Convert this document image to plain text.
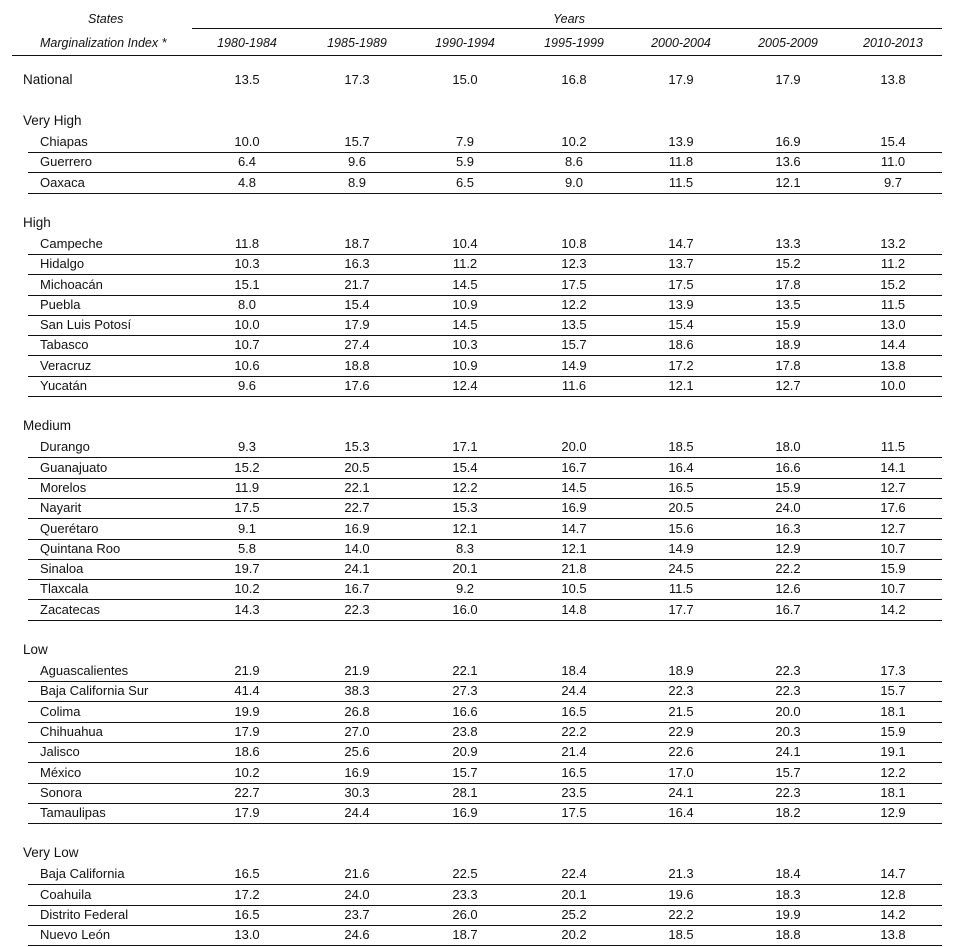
States
Marginalization Index *
Years
1980-1984	1985-1989	1990-1994	1995-1999	2000-2004	2005-2009	2010-2013
National	13.5	17.3	15.0	16.8	17.9	17.9	13.8
Very High
Chiapas	10.0	15.7	7.9	10.2	13.9	16.9	15.4
Guerrero	6.4	9.6	5.9	8.6	11.8	13.6	11.0
Oaxaca	4.8	8.9	6.5	9.0	11.5	12.1	9.7
High
Campeche	11.8	18.7	10.4	10.8	14.7	13.3	13.2
Hidalgo	10.3	16.3	11.2	12.3	13.7	15.2	11.2
Michoacán	15.1	21.7	14.5	17.5	17.5	17.8	15.2
Puebla	8.0	15.4	10.9	12.2	13.9	13.5	11.5
San Luis Potosí	10.0	17.9	14.5	13.5	15.4	15.9	13.0
Tabasco	10.7	27.4	10.3	15.7	18.6	18.9	14.4
Veracruz	10.6	18.8	10.9	14.9	17.2	17.8	13.8
Yucatán	9.6	17.6	12.4	11.6	12.1	12.7	10.0
Medium
Durango	9.3	15.3	17.1	20.0	18.5	18.0	11.5
Guanajuato	15.2	20.5	15.4	16.7	16.4	16.6	14.1
Morelos	11.9	22.1	12.2	14.5	16.5	15.9	12.7
Nayarit	17.5	22.7	15.3	16.9	20.5	24.0	17.6
Querétaro	9.1	16.9	12.1	14.7	15.6	16.3	12.7
Quintana Roo	5.8	14.0	8.3	12.1	14.9	12.9	10.7
Sinaloa	19.7	24.1	20.1	21.8	24.5	22.2	15.9
Tlaxcala	10.2	16.7	9.2	10.5	11.5	12.6	10.7
Zacatecas	14.3	22.3	16.0	14.8	17.7	16.7	14.2
Low
Aguascalientes	21.9	21.9	22.1	18.4	18.9	22.3	17.3
Baja California Sur	41.4	38.3	27.3	24.4	22.3	22.3	15.7
Colima	19.9	26.8	16.6	16.5	21.5	20.0	18.1
Chihuahua	17.9	27.0	23.8	22.2	22.9	20.3	15.9
Jalisco	18.6	25.6	20.9	21.4	22.6	24.1	19.1
México	10.2	16.9	15.7	16.5	17.0	15.7	12.2
Sonora	22.7	30.3	28.1	23.5	24.1	22.3	18.1
Tamaulipas	17.9	24.4	16.9	17.5	16.4	18.2	12.9
Very Low
Baja California	16.5	21.6	22.5	22.4	21.3	18.4	14.7
Coahuila	17.2	24.0	23.3	20.1	19.6	18.3	12.8
Distrito Federal	16.5	23.7	26.0	25.2	22.2	19.9	14.2
Nuevo León	13.0	24.6	18.7	20.2	18.5	18.8	13.8
